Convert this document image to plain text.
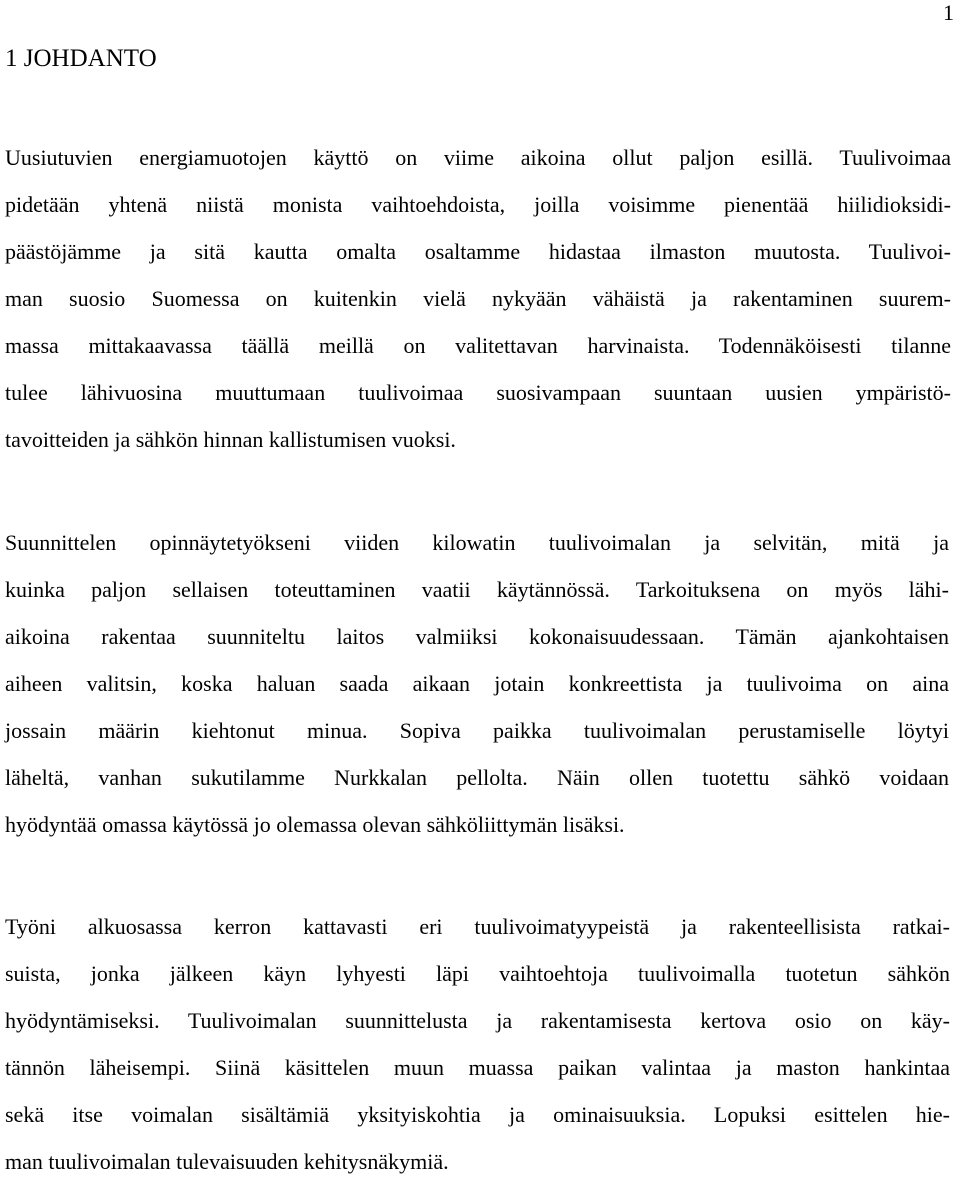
1
1 JOHDANTO
Uusiutuvien energiamuotojen käyttö on viime aikoina ollut paljon esillä. Tuulivoimaa
pidetään yhtenä niistä monista vaihtoehdoista, joilla voisimme pienentää hiilidioksidi-
päästöjämme ja sitä kautta omalta osaltamme hidastaa ilmaston muutosta. Tuulivoi-
man suosio Suomessa on kuitenkin vielä nykyään vähäistä ja rakentaminen suurem-
massa mittakaavassa täällä meillä on valitettavan harvinaista. Todennäköisesti tilanne
tulee lähivuosina muuttumaan tuulivoimaa suosivampaan suuntaan uusien ympäristö-
tavoitteiden ja sähkön hinnan kallistumisen vuoksi.
Suunnittelen opinnäytetyökseni viiden kilowatin tuulivoimalan ja selvitän, mitä ja
kuinka paljon sellaisen toteuttaminen vaatii käytännössä. Tarkoituksena on myös lähi-
aikoina rakentaa suunniteltu laitos valmiiksi kokonaisuudessaan. Tämän ajankohtaisen
aiheen valitsin, koska haluan saada aikaan jotain konkreettista ja tuulivoima on aina
jossain määrin kiehtonut minua. Sopiva paikka tuulivoimalan perustamiselle löytyi
läheltä, vanhan sukutilamme Nurkkalan pellolta. Näin ollen tuotettu sähkö voidaan
hyödyntää omassa käytössä jo olemassa olevan sähköliittymän lisäksi.
Työni alkuosassa kerron kattavasti eri tuulivoimatyypeistä ja rakenteellisista ratkai-
suista, jonka jälkeen käyn lyhyesti läpi vaihtoehtoja tuulivoimalla tuotetun sähkön
hyödyntämiseksi. Tuulivoimalan suunnittelusta ja rakentamisesta kertova osio on käy-
tännön läheisempi. Siinä käsittelen muun muassa paikan valintaa ja maston hankintaa
sekä itse voimalan sisältämiä yksityiskohtia ja ominaisuuksia. Lopuksi esittelen hie-
man tuulivoimalan tulevaisuuden kehitysnäkymiä.
